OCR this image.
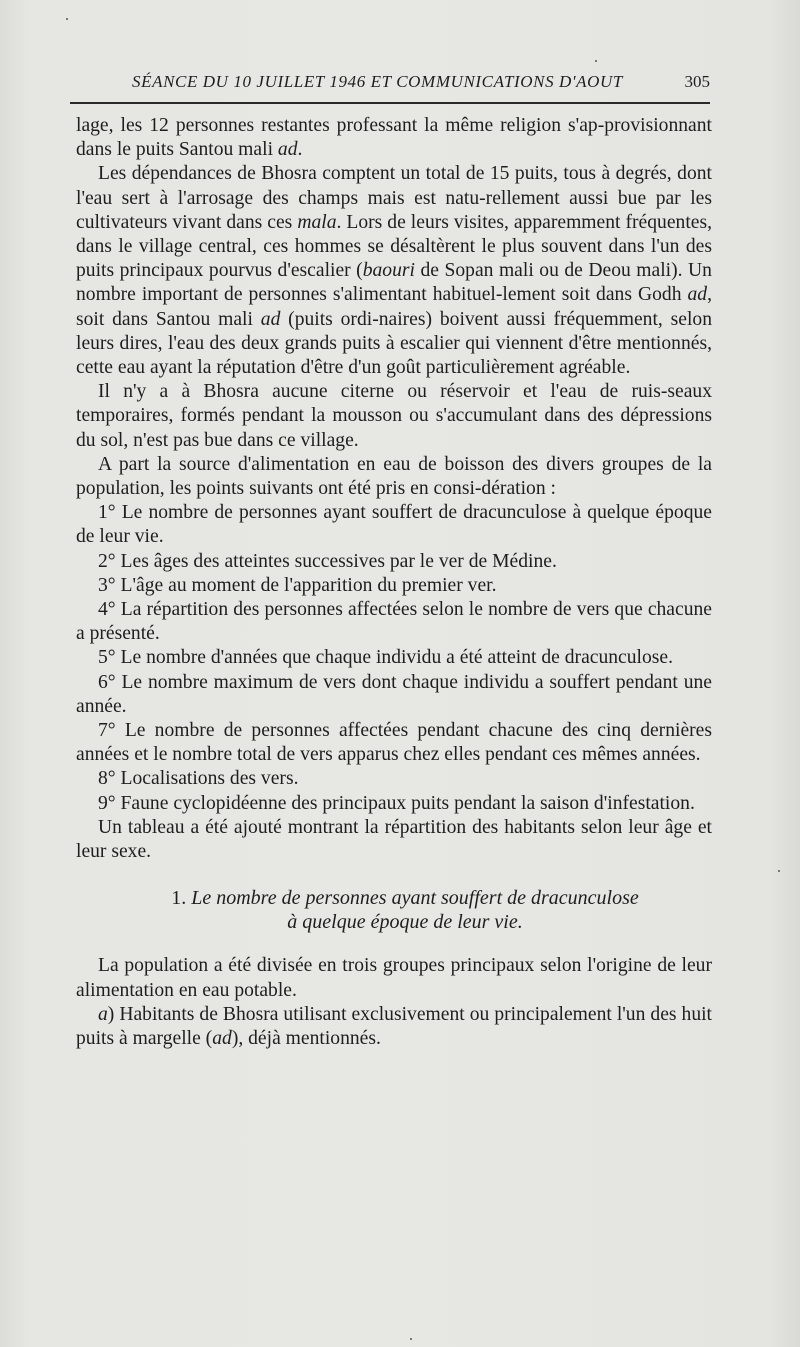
SÉANCE DU 10 JUILLET 1946 ET COMMUNICATIONS D'AOUT	305

lage, les 12 personnes restantes professant la même religion s'ap-provisionnant dans le puits Santou mali ad.

Les dépendances de Bhosra comptent un total de 15 puits, tous à degrés, dont l'eau sert à l'arrosage des champs mais est natu-rellement aussi bue par les cultivateurs vivant dans ces mala. Lors de leurs visites, apparemment fréquentes, dans le village central, ces hommes se désaltèrent le plus souvent dans l'un des puits principaux pourvus d'escalier (baouri de Sopan mali ou de Deou mali). Un nombre important de personnes s'alimentant habituel-lement soit dans Godh ad, soit dans Santou mali ad (puits ordi-naires) boivent aussi fréquemment, selon leurs dires, l'eau des deux grands puits à escalier qui viennent d'être mentionnés, cette eau ayant la réputation d'être d'un goût particulièrement agréable.

Il n'y a à Bhosra aucune citerne ou réservoir et l'eau de ruis-seaux temporaires, formés pendant la mousson ou s'accumulant dans des dépressions du sol, n'est pas bue dans ce village.

A part la source d'alimentation en eau de boisson des divers groupes de la population, les points suivants ont été pris en consi-dération :

1° Le nombre de personnes ayant souffert de dracunculose à quelque époque de leur vie.

2° Les âges des atteintes successives par le ver de Médine.

3° L'âge au moment de l'apparition du premier ver.

4° La répartition des personnes affectées selon le nombre de vers que chacune a présenté.

5° Le nombre d'années que chaque individu a été atteint de dracunculose.

6° Le nombre maximum de vers dont chaque individu a souffert pendant une année.

7° Le nombre de personnes affectées pendant chacune des cinq dernières années et le nombre total de vers apparus chez elles pendant ces mêmes années.

8° Localisations des vers.

9° Faune cyclopidéenne des principaux puits pendant la saison d'infestation.

Un tableau a été ajouté montrant la répartition des habitants selon leur âge et leur sexe.

1. Le nombre de personnes ayant souffert de dracunculose
à quelque époque de leur vie.

La population a été divisée en trois groupes principaux selon l'origine de leur alimentation en eau potable.

a) Habitants de Bhosra utilisant exclusivement ou principalement l'un des huit puits à margelle (ad), déjà mentionnés.
